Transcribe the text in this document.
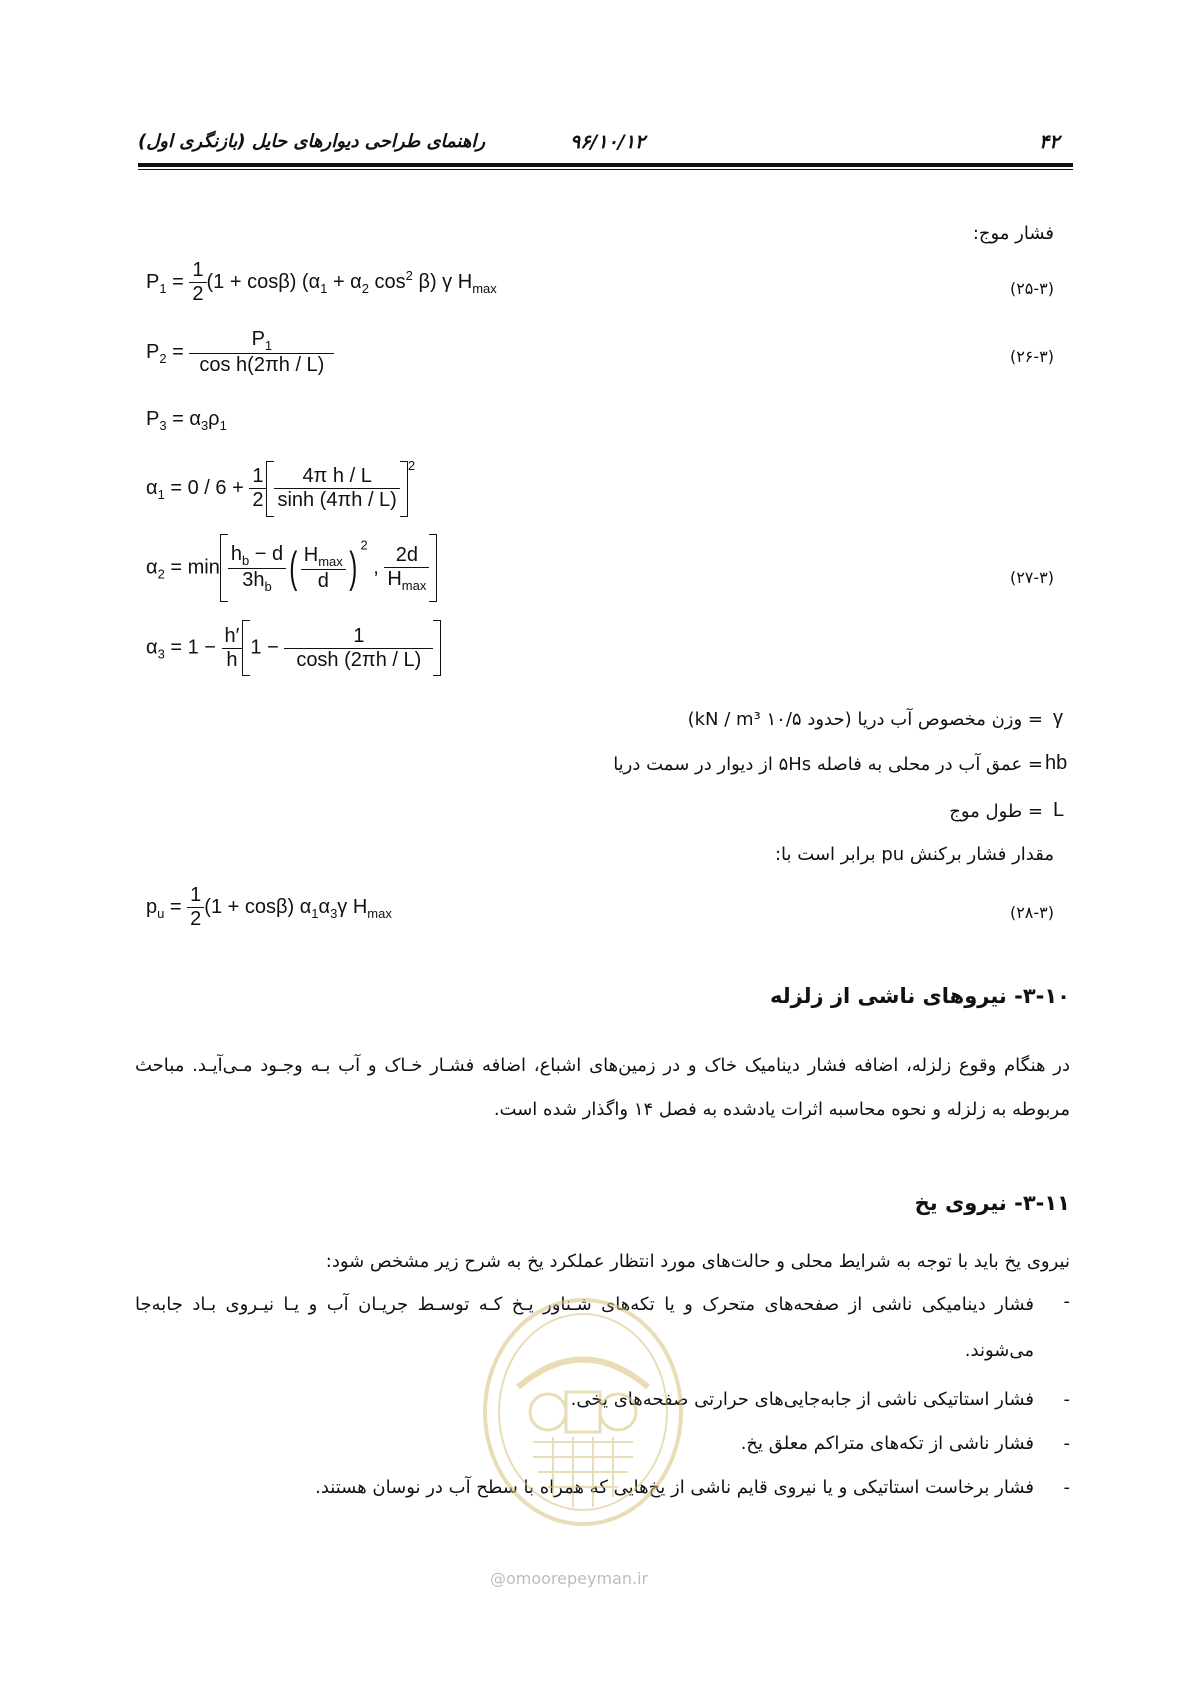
۴۲
۹۶/۱۰/۱۲
راهنمای طراحی دیوارهای حایل (بازنگری اول)
فشار موج:
$P_1 = \frac{1}{2} (1 + \cos\beta) (\alpha_1 + \alpha_2$ $\cos^2 \beta$) γ $H_{max}$	(۲۵-۳)
$P_2 = \frac{P_1}{\text{cos h(2πh / L)}}$	(۲۶-۳)
$P_3 = \alpha_3\rho_1$
$\alpha_1 = 0 / 6 + \frac{1}{2} \frac{\text{4π h / L}}{\sinh (4\pi h / L)} ^2$
$\alpha_2 = \min \frac{h_b - d}{3h_b}$ ( $\frac{H_{max}}{d}$ ) $^2$ , $\frac{2d}{H_{max}}$	(۲۷-۳)
$\alpha_3 = 1 - \frac{h'}{h} 1 - \frac{1}{\cosh (2\pi h / L)}$
γ
= وزن مخصوص آب دریا (حدود ۱۰/۵ kN / m³)
hb
= عمق آب در محلی به فاصله ۵Hs از دیوار در سمت دریا
L
= طول موج
مقدار فشار برکنش pu برابر است با:
$p_u = \frac{1}{2} (1 + \cos\beta)$ $\alpha_1\alpha_3\gamma$ $H_{max}$	(۲۸-۳)
۳-۱۰- نیروهای ناشی از زلزله
در هنگام وقوع زلزله، اضافه فشار دینامیک خاک و در زمین‌های اشباع، اضافه فشـار خـاک و آب بـه وجـود مـی‌آیـد. مباحث مربوطه به زلزله و نحوه محاسبه اثرات یادشده به فصل ۱۴ واگذار شده است.
۳-۱۱- نیروی یخ
نیروی یخ باید با توجه به شرایط محلی و حالت‌های مورد انتظار عملکرد یخ به شرح زیر مشخص شود:
-
فشار دینامیکی ناشی از صفحه‌های متحرک و یا تکه‌های شـناور یـخ کـه توسـط جریـان آب و یـا نیـروی بـاد جابه‌جا می‌شوند.
-
فشار استاتیکی ناشی از جابه‌جایی‌های حرارتی صفحه‌های یخی.
-
فشار ناشی از تکه‌های متراکم معلق یخ.
-
فشار برخاست استاتیکی و یا نیروی قایم ناشی از یخ‌هایی که همراه با سطح آب در نوسان هستند.
@omoorepeyman.ir
